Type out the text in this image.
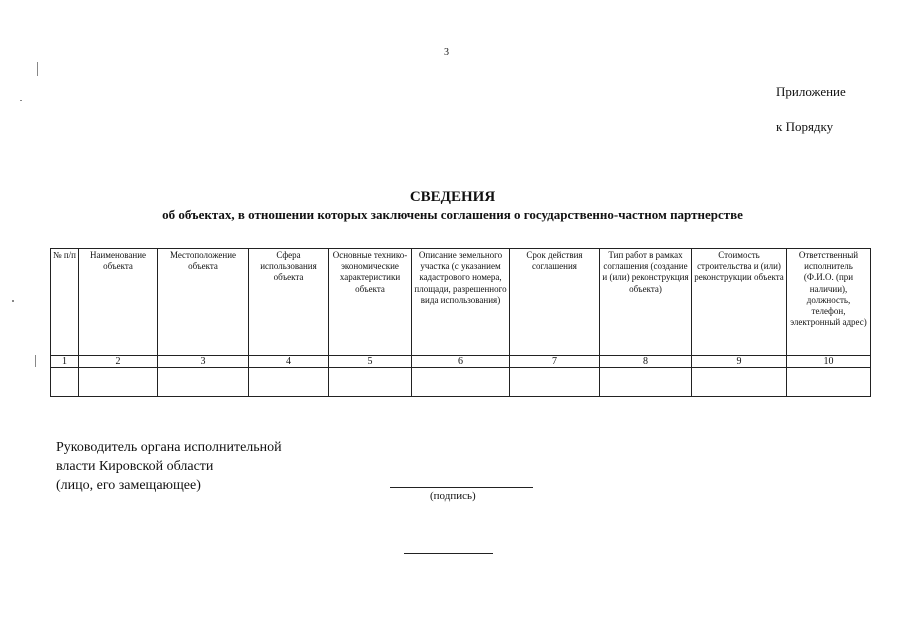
3
Приложение
к Порядку
СВЕДЕНИЯ
об объектах, в отношении которых заключены соглашения о государственно-частном партнерстве
№ п/п	Наименование объекта	Местоположение объекта	Сфера использования объекта	Основные технико-экономические характеристики объекта	Описание земельного участка (с указанием кадастрового номера, площади, разрешенного вида использования)	Срок действия соглашения	Тип работ в рамках соглашения (создание и (или) реконструкция объекта)	Стоимость строительства и (или) реконструкции объекта	Ответственный исполнитель (Ф.И.О. (при наличии), должность, телефон, электронный адрес)
1	2	3	4	5	6	7	8	9	10

Руководитель органа исполнительной
власти Кировской области
(лицо, его замещающее)
(подпись)
